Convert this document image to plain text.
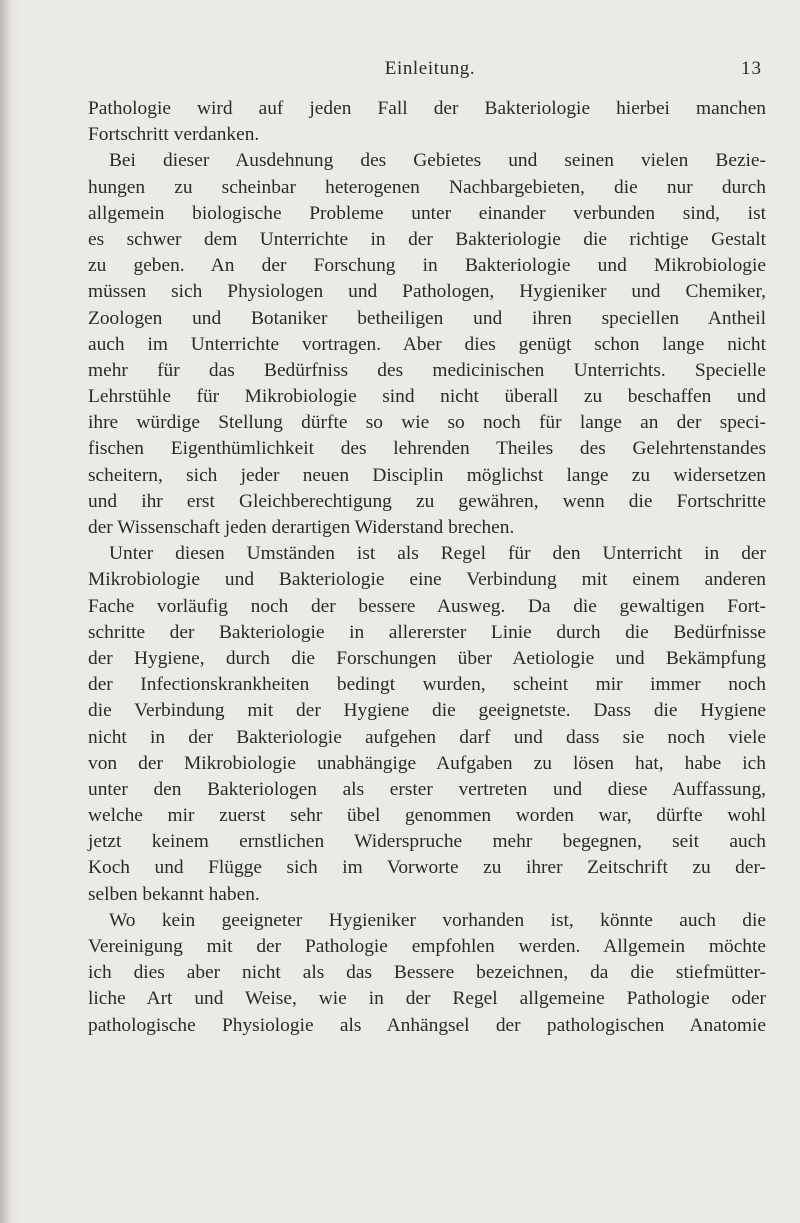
Einleitung.	13
Pathologie wird auf jeden Fall der Bakteriologie hierbei manchen
Fortschritt verdanken.
Bei dieser Ausdehnung des Gebietes und seinen vielen Bezie-
hungen zu scheinbar heterogenen Nachbargebieten, die nur durch
allgemein biologische Probleme unter einander verbunden sind, ist
es schwer dem Unterrichte in der Bakteriologie die richtige Gestalt
zu geben. An der Forschung in Bakteriologie und Mikrobiologie
müssen sich Physiologen und Pathologen, Hygieniker und Chemiker,
Zoologen und Botaniker betheiligen und ihren speciellen Antheil
auch im Unterrichte vortragen. Aber dies genügt schon lange nicht
mehr für das Bedürfniss des medicinischen Unterrichts. Specielle
Lehrstühle für Mikrobiologie sind nicht überall zu beschaffen und
ihre würdige Stellung dürfte so wie so noch für lange an der speci-
fischen Eigenthümlichkeit des lehrenden Theiles des Gelehrtenstandes
scheitern, sich jeder neuen Disciplin möglichst lange zu widersetzen
und ihr erst Gleichberechtigung zu gewähren, wenn die Fortschritte
der Wissenschaft jeden derartigen Widerstand brechen.
Unter diesen Umständen ist als Regel für den Unterricht in der
Mikrobiologie und Bakteriologie eine Verbindung mit einem anderen
Fache vorläufig noch der bessere Ausweg. Da die gewaltigen Fort-
schritte der Bakteriologie in allererster Linie durch die Bedürfnisse
der Hygiene, durch die Forschungen über Aetiologie und Bekämpfung
der Infectionskrankheiten bedingt wurden, scheint mir immer noch
die Verbindung mit der Hygiene die geeignetste. Dass die Hygiene
nicht in der Bakteriologie aufgehen darf und dass sie noch viele
von der Mikrobiologie unabhängige Aufgaben zu lösen hat, habe ich
unter den Bakteriologen als erster vertreten und diese Auffassung,
welche mir zuerst sehr übel genommen worden war, dürfte wohl
jetzt keinem ernstlichen Widerspruche mehr begegnen, seit auch
Koch und Flügge sich im Vorworte zu ihrer Zeitschrift zu der-
selben bekannt haben.
Wo kein geeigneter Hygieniker vorhanden ist, könnte auch die
Vereinigung mit der Pathologie empfohlen werden. Allgemein möchte
ich dies aber nicht als das Bessere bezeichnen, da die stiefmütter-
liche Art und Weise, wie in der Regel allgemeine Pathologie oder
pathologische Physiologie als Anhängsel der pathologischen Anatomie
